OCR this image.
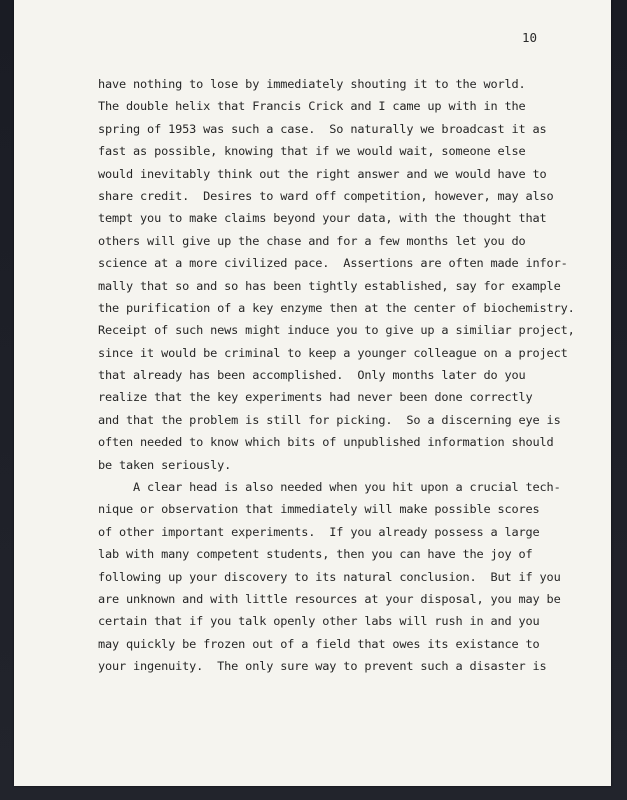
10
have nothing to lose by immediately shouting it to the world.
The double helix that Francis Crick and I came up with in the
spring of 1953 was such a case.  So naturally we broadcast it as
fast as possible, knowing that if we would wait, someone else
would inevitably think out the right answer and we would have to
share credit.  Desires to ward off competition, however, may also
tempt you to make claims beyond your data, with the thought that
others will give up the chase and for a few months let you do
science at a more civilized pace.  Assertions are often made infor-
mally that so and so has been tightly established, say for example
the purification of a key enzyme then at the center of biochemistry.
Receipt of such news might induce you to give up a similiar project,
since it would be criminal to keep a younger colleague on a project
that already has been accomplished.  Only months later do you
realize that the key experiments had never been done correctly
and that the problem is still for picking.  So a discerning eye is
often needed to know which bits of unpublished information should
be taken seriously.
A clear head is also needed when you hit upon a crucial tech-
nique or observation that immediately will make possible scores
of other important experiments.  If you already possess a large
lab with many competent students, then you can have the joy of
following up your discovery to its natural conclusion.  But if you
are unknown and with little resources at your disposal, you may be
certain that if you talk openly other labs will rush in and you
may quickly be frozen out of a field that owes its existance to
your ingenuity.  The only sure way to prevent such a disaster is
